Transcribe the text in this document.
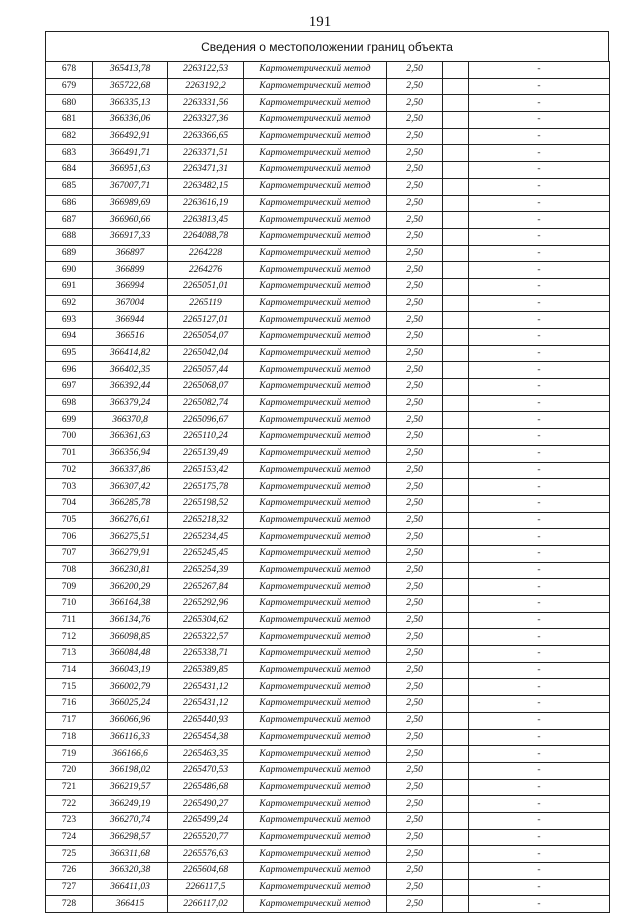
191
Сведения о местоположении границ объекта
678	365413,78	2263122,53	Картометрический метод	2,50		-
679	365722,68	2263192,2	Картометрический метод	2,50		-
680	366335,13	2263331,56	Картометрический метод	2,50		-
681	366336,06	2263327,36	Картометрический метод	2,50		-
682	366492,91	2263366,65	Картометрический метод	2,50		-
683	366491,71	2263371,51	Картометрический метод	2,50		-
684	366951,63	2263471,31	Картометрический метод	2,50		-
685	367007,71	2263482,15	Картометрический метод	2,50		-
686	366989,69	2263616,19	Картометрический метод	2,50		-
687	366960,66	2263813,45	Картометрический метод	2,50		-
688	366917,33	2264088,78	Картометрический метод	2,50		-
689	366897	2264228	Картометрический метод	2,50		-
690	366899	2264276	Картометрический метод	2,50		-
691	366994	2265051,01	Картометрический метод	2,50		-
692	367004	2265119	Картометрический метод	2,50		-
693	366944	2265127,01	Картометрический метод	2,50		-
694	366516	2265054,07	Картометрический метод	2,50		-
695	366414,82	2265042,04	Картометрический метод	2,50		-
696	366402,35	2265057,44	Картометрический метод	2,50		-
697	366392,44	2265068,07	Картометрический метод	2,50		-
698	366379,24	2265082,74	Картометрический метод	2,50		-
699	366370,8	2265096,67	Картометрический метод	2,50		-
700	366361,63	2265110,24	Картометрический метод	2,50		-
701	366356,94	2265139,49	Картометрический метод	2,50		-
702	366337,86	2265153,42	Картометрический метод	2,50		-
703	366307,42	2265175,78	Картометрический метод	2,50		-
704	366285,78	2265198,52	Картометрический метод	2,50		-
705	366276,61	2265218,32	Картометрический метод	2,50		-
706	366275,51	2265234,45	Картометрический метод	2,50		-
707	366279,91	2265245,45	Картометрический метод	2,50		-
708	366230,81	2265254,39	Картометрический метод	2,50		-
709	366200,29	2265267,84	Картометрический метод	2,50		-
710	366164,38	2265292,96	Картометрический метод	2,50		-
711	366134,76	2265304,62	Картометрический метод	2,50		-
712	366098,85	2265322,57	Картометрический метод	2,50		-
713	366084,48	2265338,71	Картометрический метод	2,50		-
714	366043,19	2265389,85	Картометрический метод	2,50		-
715	366002,79	2265431,12	Картометрический метод	2,50		-
716	366025,24	2265431,12	Картометрический метод	2,50		-
717	366066,96	2265440,93	Картометрический метод	2,50		-
718	366116,33	2265454,38	Картометрический метод	2,50		-
719	366166,6	2265463,35	Картометрический метод	2,50		-
720	366198,02	2265470,53	Картометрический метод	2,50		-
721	366219,57	2265486,68	Картометрический метод	2,50		-
722	366249,19	2265490,27	Картометрический метод	2,50		-
723	366270,74	2265499,24	Картометрический метод	2,50		-
724	366298,57	2265520,77	Картометрический метод	2,50		-
725	366311,68	2265576,63	Картометрический метод	2,50		-
726	366320,38	2265604,68	Картометрический метод	2,50		-
727	366411,03	2266117,5	Картометрический метод	2,50		-
728	366415	2266117,02	Картометрический метод	2,50		-
